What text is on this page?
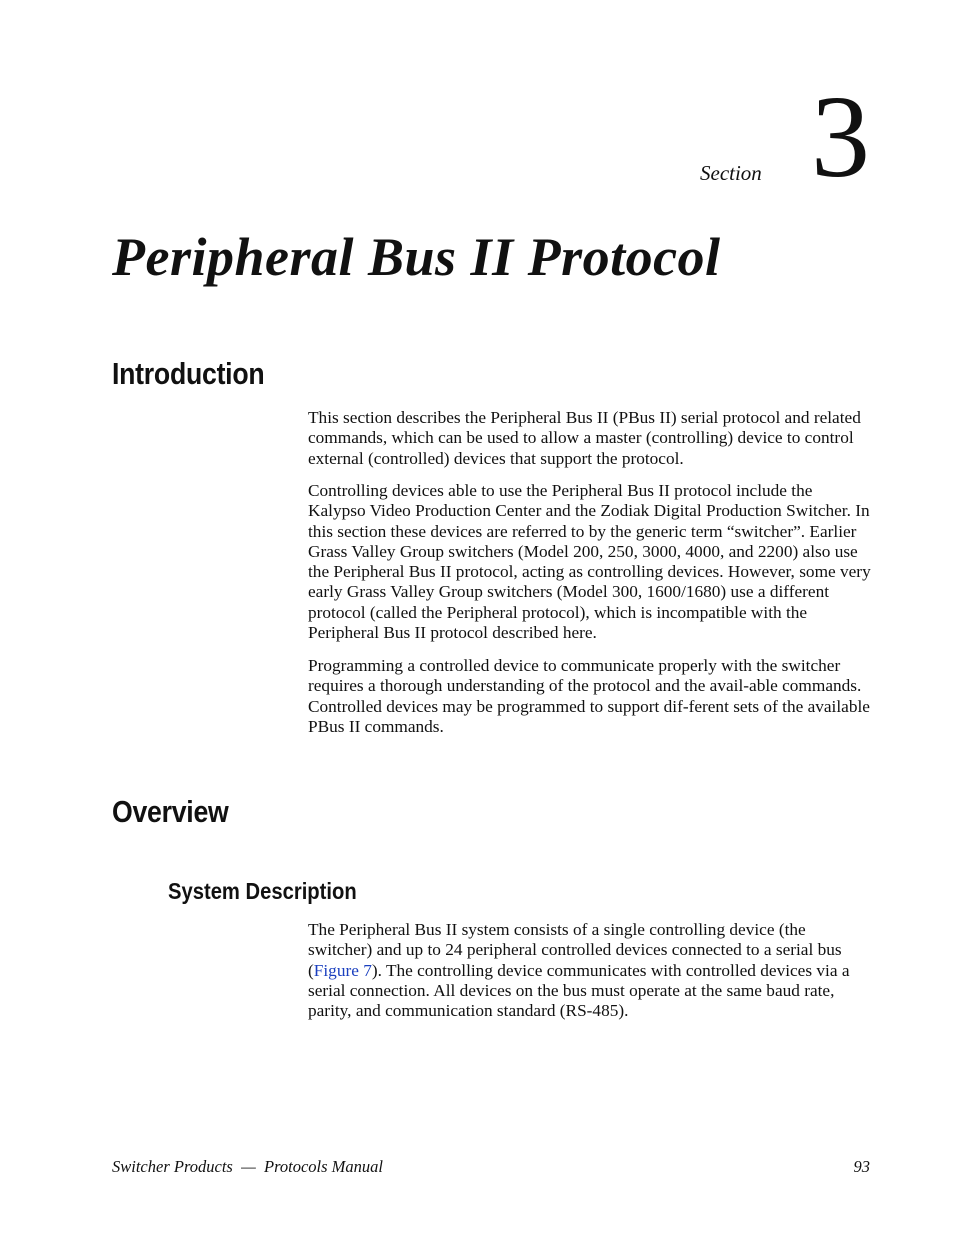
Section 3
Peripheral Bus II Protocol
Introduction

This section describes the Peripheral Bus II (PBus II) serial protocol and related commands, which can be used to allow a master (controlling) device to control external (controlled) devices that support the protocol.

Controlling devices able to use the Peripheral Bus II protocol include the Kalypso Video Production Center and the Zodiak Digital Production Switcher. In this section these devices are referred to by the generic term “switcher”. Earlier Grass Valley Group switchers (Model 200, 250, 3000, 4000, and 2200) also use the Peripheral Bus II protocol, acting as controlling devices. However, some very early Grass Valley Group switchers (Model 300, 1600/1680) use a different protocol (called the Peripheral protocol), which is incompatible with the Peripheral Bus II protocol described here.

Programming a controlled device to communicate properly with the switcher requires a thorough understanding of the protocol and the avail-able commands. Controlled devices may be programmed to support dif-ferent sets of the available PBus II commands.

Overview
System Description

The Peripheral Bus II system consists of a single controlling device (the switcher) and up to 24 peripheral controlled devices connected to a serial bus (Figure 7). The controlling device communicates with controlled devices via a serial connection. All devices on the bus must operate at the same baud rate, parity, and communication standard (RS-485).

Switcher Products  —  Protocols Manual	93
